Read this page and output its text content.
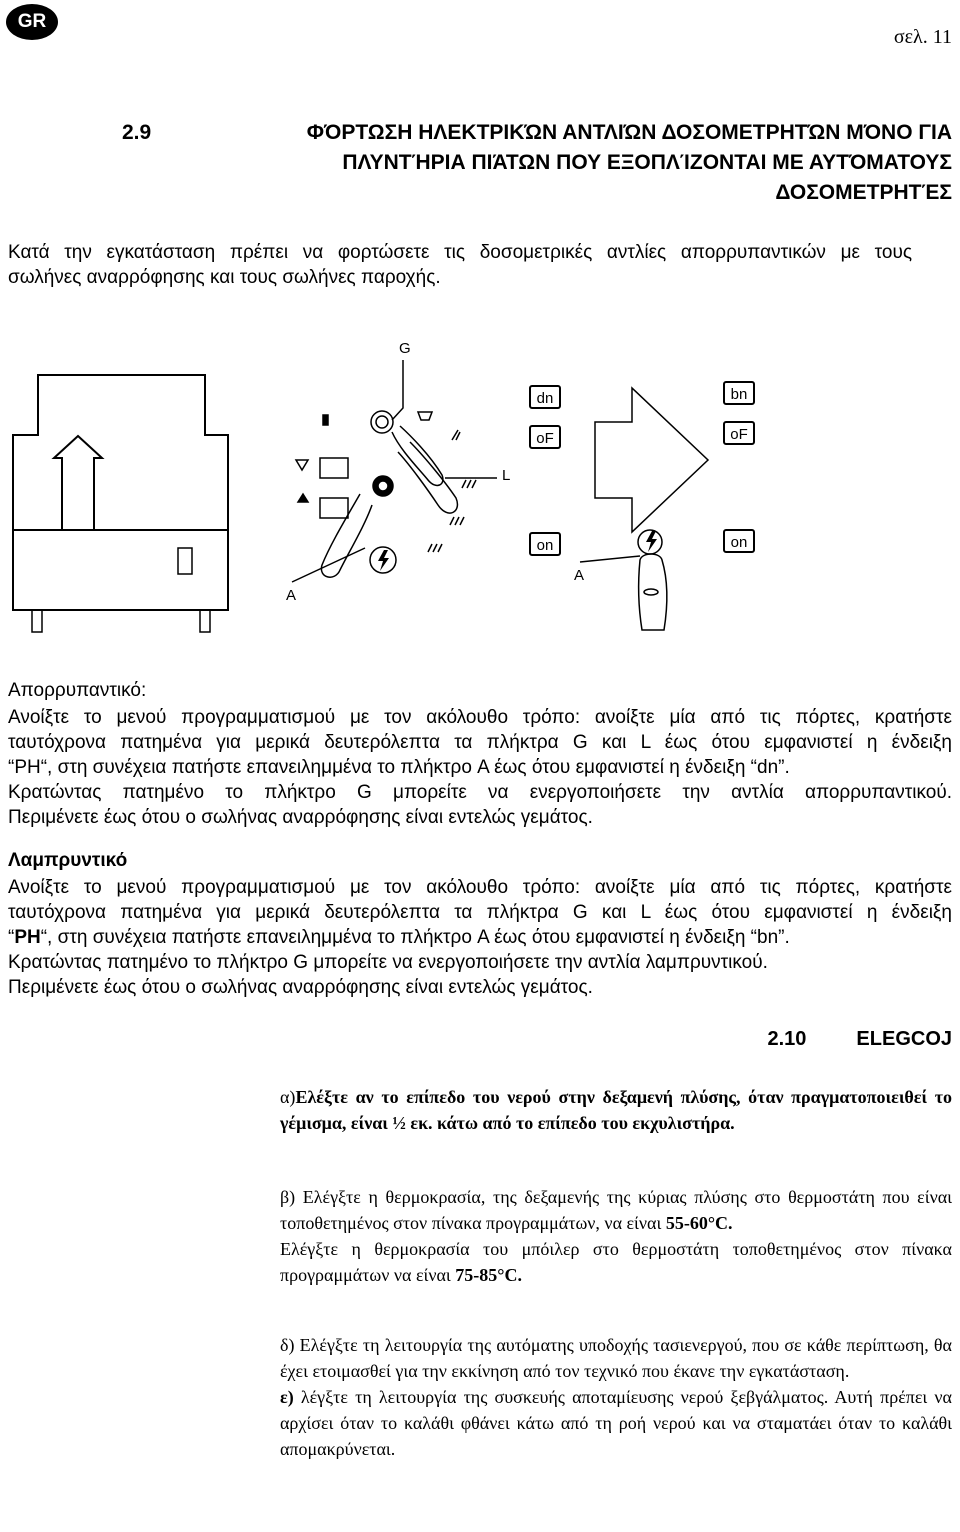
GR
σελ. 11
2.9	ΦΌΡΤΩΣΗ ΗΛΕΚΤΡΙΚΏΝ ΑΝΤΛΙΏΝ ΔΟΣΟΜΕΤΡΗΤΏΝ ΜΌΝΟ ΓΙΑ
ΠΛΥΝΤΉΡΙΑ ΠΙΆΤΩΝ ΠΟΥ ΕΞΟΠΛΊΖΟΝΤΑΙ ΜΕ ΑΥΤΌΜΑΤΟΥΣ
ΔΟΣΟΜΕΤΡΗΤΈΣ
Κατά την εγκατάσταση πρέπει να φορτώσετε τις δοσομετρικές αντλίες απορρυπαντικών με τους
σωλήνες αναρρόφησης και τους σωλήνες παροχής.
dn
oF
on
bn
oF
on
G
L
A
A

Απορρυπαντικό:

Ανοίξτε το μενού προγραμματισμού με τον ακόλουθο τρόπο: ανοίξτε μία από τις πόρτες, κρατήστε
ταυτόχρονα πατημένα για μερικά δευτερόλεπτα τα πλήκτρα G και L έως ότου εμφανιστεί η ένδειξη
“PH“, στη συνέχεια πατήστε επανειλημμένα το πλήκτρο A έως ότου εμφανιστεί η ένδειξη “dn”.
Κρατώντας πατημένο το πλήκτρο G μπορείτε να ενεργοποιήσετε την αντλία απορρυπαντικού.
Περιμένετε έως ότου ο σωλήνας αναρρόφησης είναι εντελώς γεμάτος.

Λαμπρυντικό

Ανοίξτε το μενού προγραμματισμού με τον ακόλουθο τρόπο: ανοίξτε μία από τις πόρτες, κρατήστε
ταυτόχρονα πατημένα για μερικά δευτερόλεπτα τα πλήκτρα G και L έως ότου εμφανιστεί η ένδειξη
“PH“, στη συνέχεια πατήστε επανειλημμένα το πλήκτρο A έως ότου εμφανιστεί η ένδειξη “bn”.
Κρατώντας πατημένο το πλήκτρο G μπορείτε να ενεργοποιήσετε την αντλία λαμπρυντικού.
Περιμένετε έως ότου ο σωλήνας αναρρόφησης είναι εντελώς γεμάτος.
2.10	ELEGCOJ

α)Ελέξτε αν το επίπεδο του νερού στην δεξαμενή πλύσης, όταν πραγματοποιειθεί το γέμισμα, είναι ½ εκ. κάτω από το επίπεδο του εκχυλιστήρα.

β) Ελέγξτε η θερμοκρασία, της δεξαμενής της κύριας πλύσης στο θερμοστάτη που είναι τοποθετημένος στον πίνακα προγραμμάτων, να είναι 55-60°C.

Ελέγξτε η θερμοκρασία του μπόιλερ στο θερμοστάτη τοποθετημένος στον πίνακα προγραμμάτων να είναι 75-85°C.

δ) Ελέγξτε τη λειτουργία της αυτόματης υποδοχής τασιενεργού, που σε κάθε περίπτωση, θα έχει ετοιμασθεί για την εκκίνηση από τον τεχνικό που έκανε την εγκατάσταση.

ε) λέγξτε τη λειτουργία της συσκευής αποταμίευσης νερού ξεβγάλματος. Αυτή πρέπει να αρχίσει όταν το καλάθι φθάνει κάτω από τη ροή νερού και να σταματάει όταν το καλάθι απομακρύνεται.
